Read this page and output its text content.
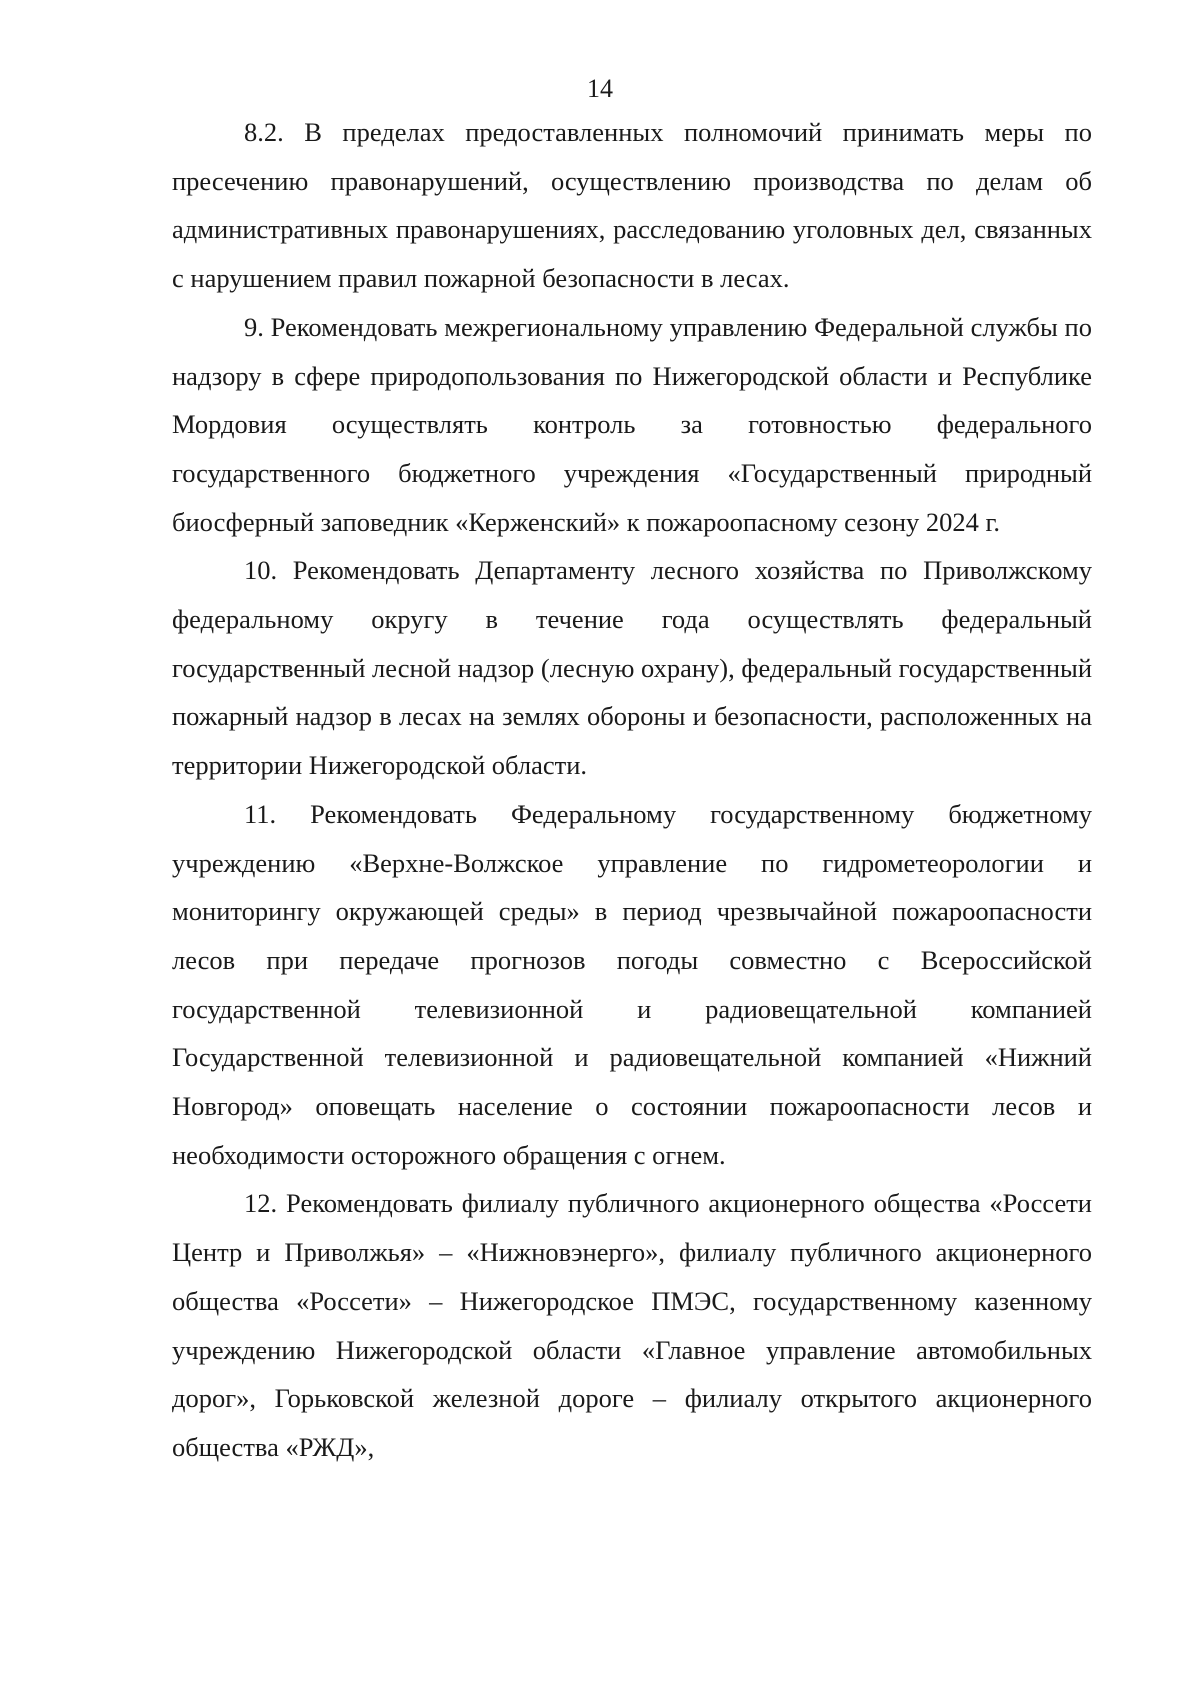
14

8.2. В пределах предоставленных полномочий принимать меры по пресечению правонарушений, осуществлению производства по делам об административных правонарушениях, расследованию уголовных дел, связанных с нарушением правил пожарной безопасности в лесах.

9. Рекомендовать межрегиональному управлению Федеральной службы по надзору в сфере природопользования по Нижегородской области и Республике Мордовия осуществлять контроль за готовностью федерального государственного бюджетного учреждения «Государственный природный биосферный заповедник «Керженский» к пожароопасному сезону 2024 г.

10. Рекомендовать Департаменту лесного хозяйства по Приволжскому федеральному округу в течение года осуществлять федеральный государственный лесной надзор (лесную охрану), федеральный государственный пожарный надзор в лесах на землях обороны и безопасности, расположенных на территории Нижегородской области.

11. Рекомендовать Федеральному государственному бюджетному учреждению «Верхне-Волжское управление по гидрометеорологии и мониторингу окружающей среды» в период чрезвычайной пожароопасности лесов при передаче прогнозов погоды совместно с Всероссийской государственной телевизионной и радиовещательной компанией Государственной телевизионной и радиовещательной компанией «Нижний Новгород» оповещать население о состоянии пожароопасности лесов и необходимости осторожного обращения с огнем.

12. Рекомендовать филиалу публичного акционерного общества «Россети Центр и Приволжья» – «Нижновэнерго», филиалу публичного акционерного общества «Россети» – Нижегородское ПМЭС, государственному казенному учреждению Нижегородской области «Главное управление автомобильных дорог», Горьковской железной дороге – филиалу открытого акционерного общества «РЖД»,
